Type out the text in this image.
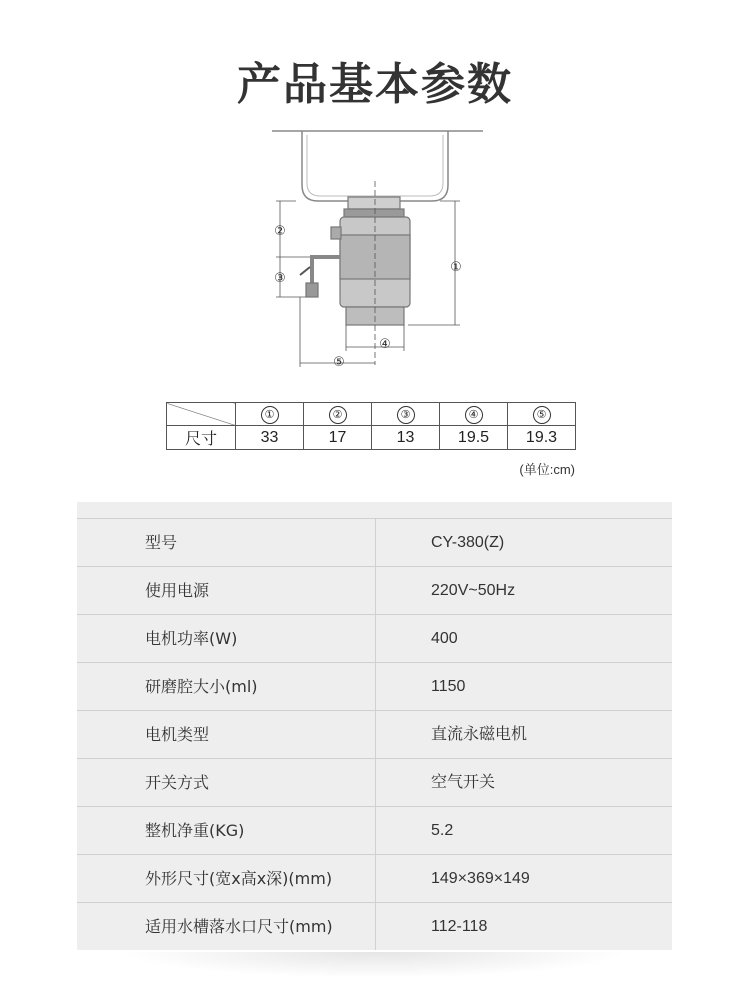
产品基本参数
①
②
③
④
⑤
	①	②	③	④	⑤
尺寸	33	17	13	19.5	19.3
(单位:cm)
型号	CY-380(Z)
使用电源	220V~50Hz
电机功率(W)	400
研磨腔大小(ml)	1150
电机类型	直流永磁电机
开关方式	空气开关
整机净重(KG)	5.2
外形尺寸(宽x高x深)(mm)	149×369×149
适用水槽落水口尺寸(mm)	112-118
